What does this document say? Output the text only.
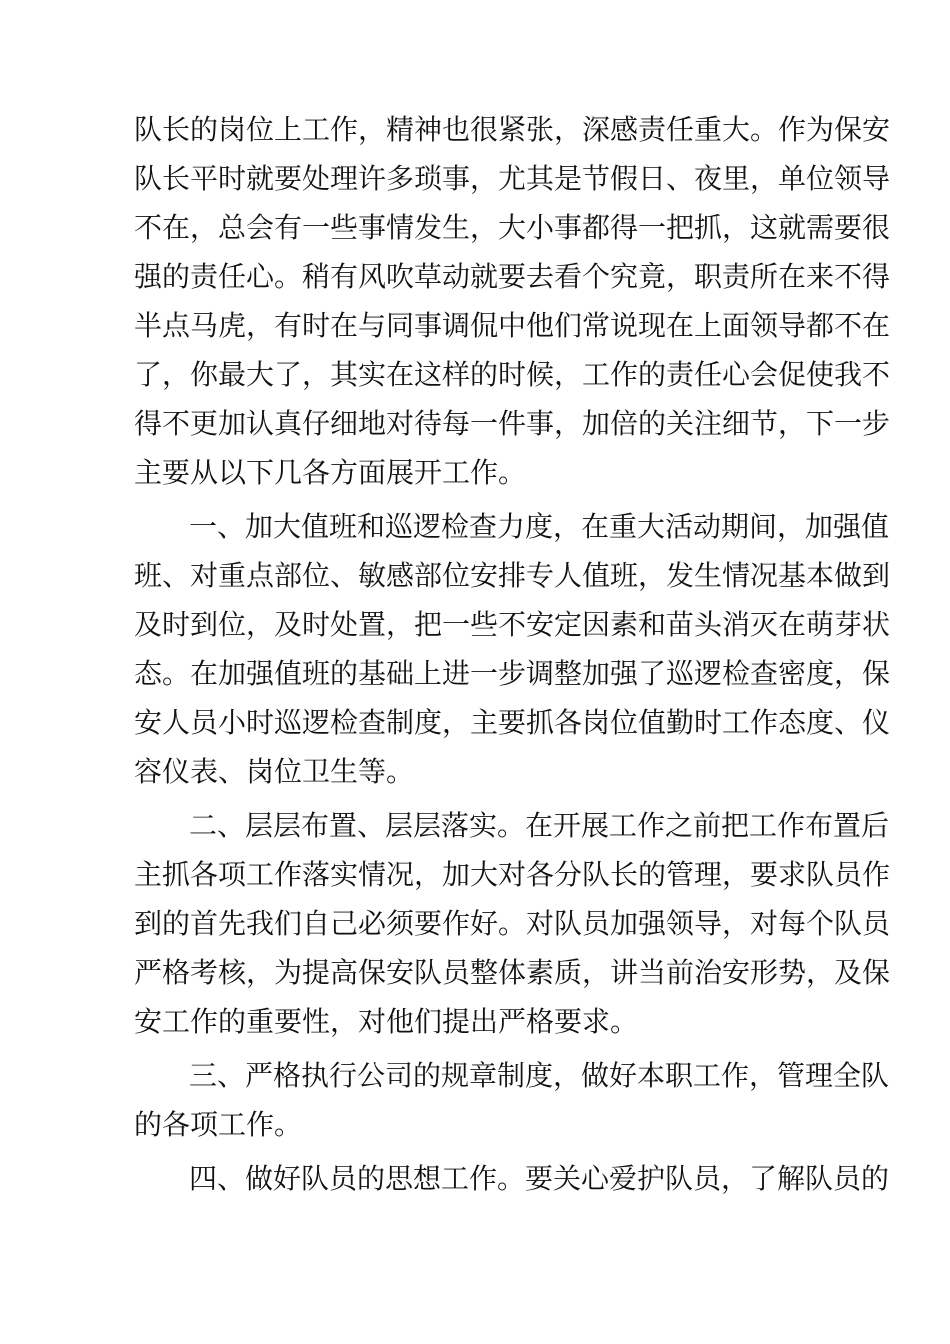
队长的岗位上工作，精神也很紧张，深感责任重大。作为保安
队长平时就要处理许多琐事，尤其是节假日、夜里，单位领导
不在，总会有一些事情发生，大小事都得一把抓，这就需要很
强的责任心。稍有风吹草动就要去看个究竟，职责所在来不得
半点马虎，有时在与同事调侃中他们常说现在上面领导都不在
了，你最大了，其实在这样的时候，工作的责任心会促使我不
得不更加认真仔细地对待每一件事，加倍的关注细节，下一步
主要从以下几各方面展开工作。
一、加大值班和巡逻检查力度，在重大活动期间，加强值
班、对重点部位、敏感部位安排专人值班，发生情况基本做到
及时到位，及时处置，把一些不安定因素和苗头消灭在萌芽状
态。在加强值班的基础上进一步调整加强了巡逻检查密度，保
安人员小时巡逻检查制度，主要抓各岗位值勤时工作态度、仪
容仪表、岗位卫生等。
二、层层布置、层层落实。在开展工作之前把工作布置后
主抓各项工作落实情况，加大对各分队长的管理，要求队员作
到的首先我们自己必须要作好。对队员加强领导，对每个队员
严格考核，为提高保安队员整体素质，讲当前治安形势，及保
安工作的重要性，对他们提出严格要求。
三、严格执行公司的规章制度，做好本职工作，管理全队
的各项工作。
四、做好队员的思想工作。要关心爱护队员，了解队员的
